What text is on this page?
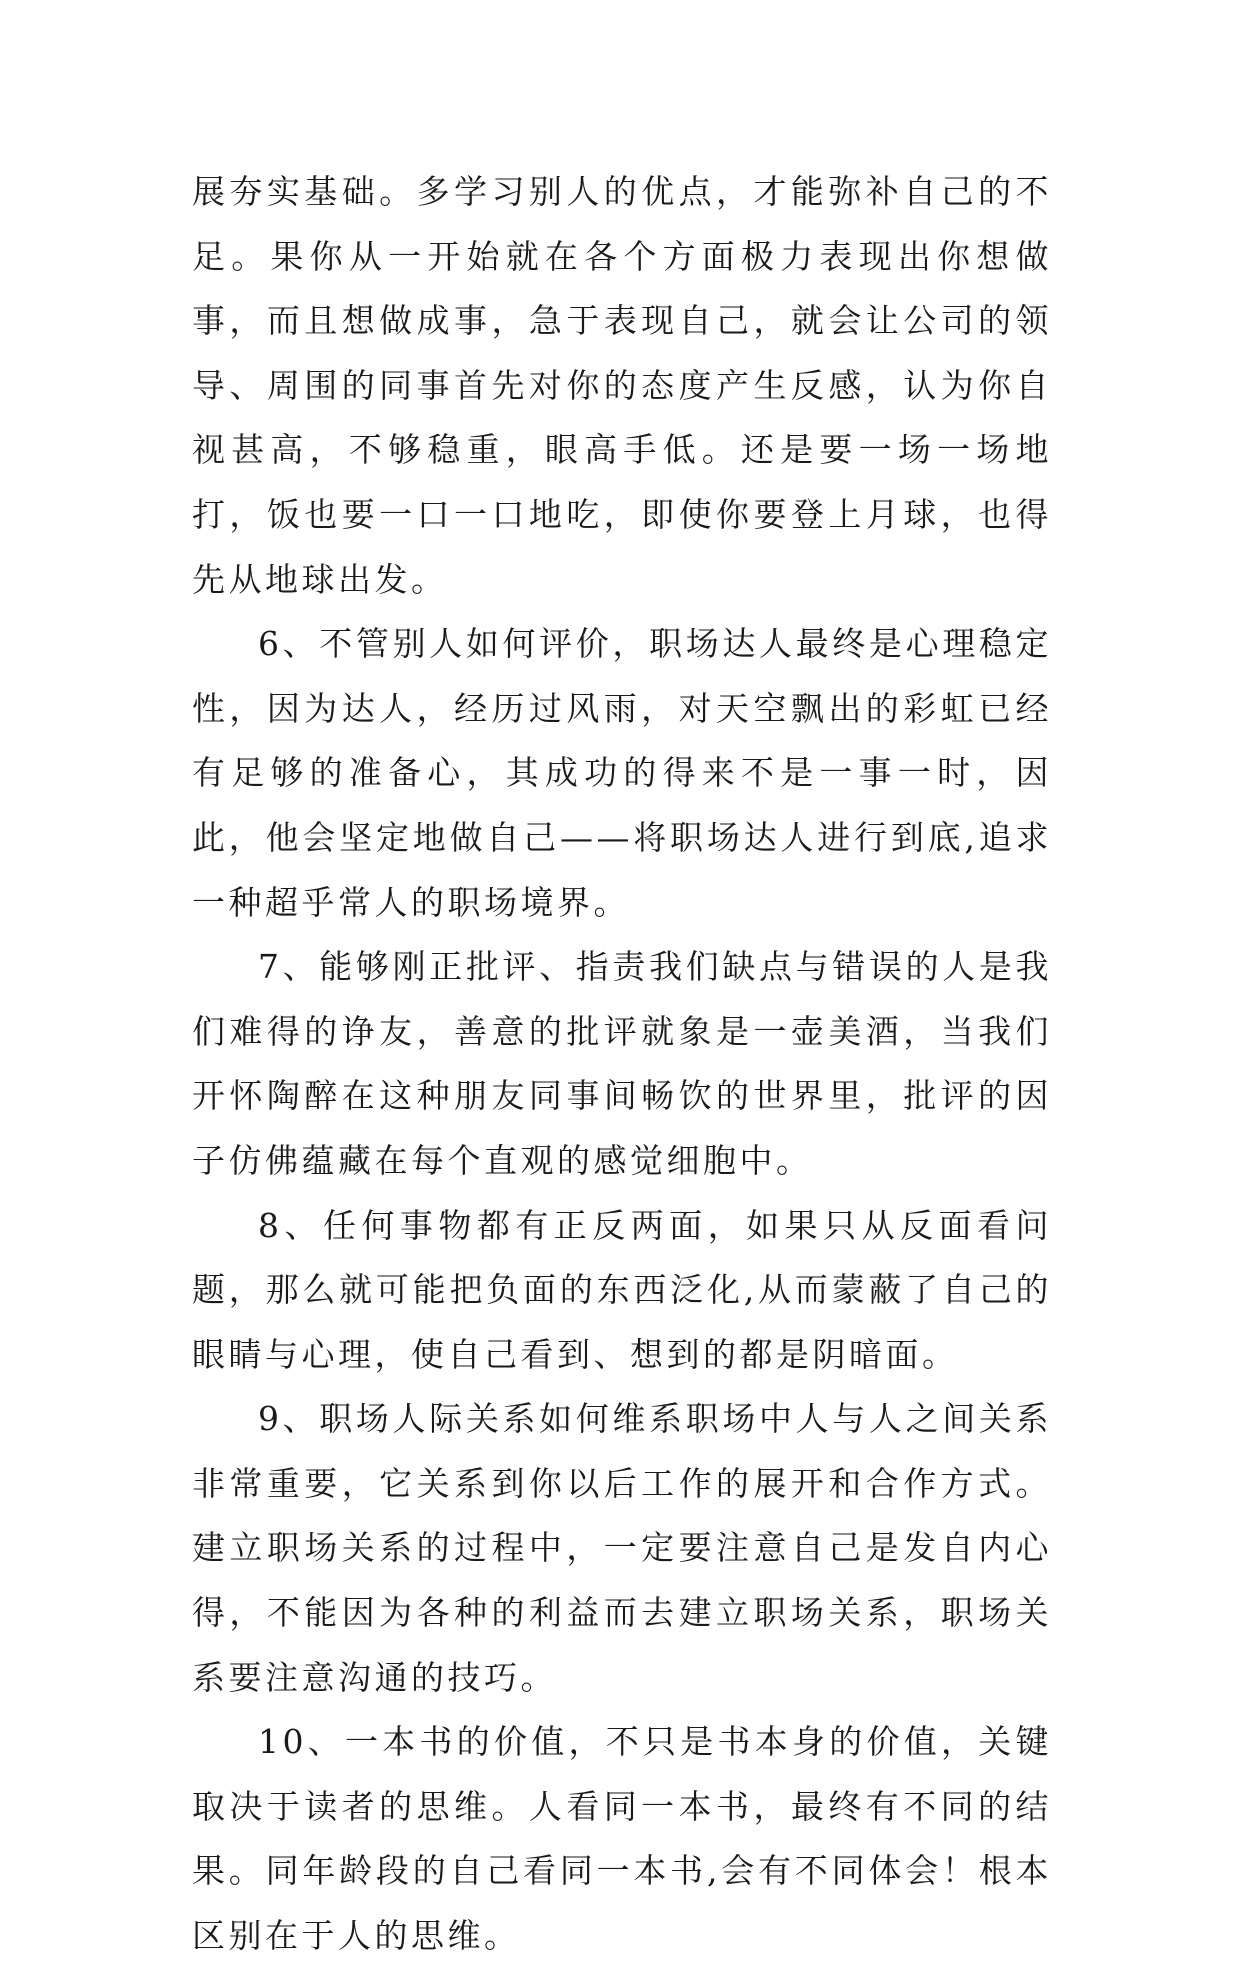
展夯实基础。多学习别人的优点，才能弥补自己的不足。果你从一开始就在各个方面极力表现出你想做事，而且想做成事，急于表现自己，就会让公司的领导、周围的同事首先对你的态度产生反感，认为你自视甚高，不够稳重，眼高手低。还是要一场一场地打，饭也要一口一口地吃，即使你要登上月球，也得先从地球出发。

6、不管别人如何评价，职场达人最终是心理稳定性，因为达人，经历过风雨，对天空飘出的彩虹已经有足够的准备心，其成功的得来不是一事一时，因此，他会坚定地做自己——将职场达人进行到底,追求一种超乎常人的职场境界。

7、能够刚正批评、指责我们缺点与错误的人是我们难得的诤友，善意的批评就象是一壶美酒，当我们开怀陶醉在这种朋友同事间畅饮的世界里，批评的因子仿佛蕴藏在每个直观的感觉细胞中。

8、任何事物都有正反两面，如果只从反面看问题，那么就可能把负面的东西泛化,从而蒙蔽了自己的眼睛与心理，使自己看到、想到的都是阴暗面。

9、职场人际关系如何维系职场中人与人之间关系非常重要，它关系到你以后工作的展开和合作方式。建立职场关系的过程中，一定要注意自己是发自内心得，不能因为各种的利益而去建立职场关系，职场关系要注意沟通的技巧。

10、一本书的价值，不只是书本身的价值，关键取决于读者的思维。人看同一本书，最终有不同的结果。同年龄段的自己看同一本书,会有不同体会！根本区别在于人的思维。
